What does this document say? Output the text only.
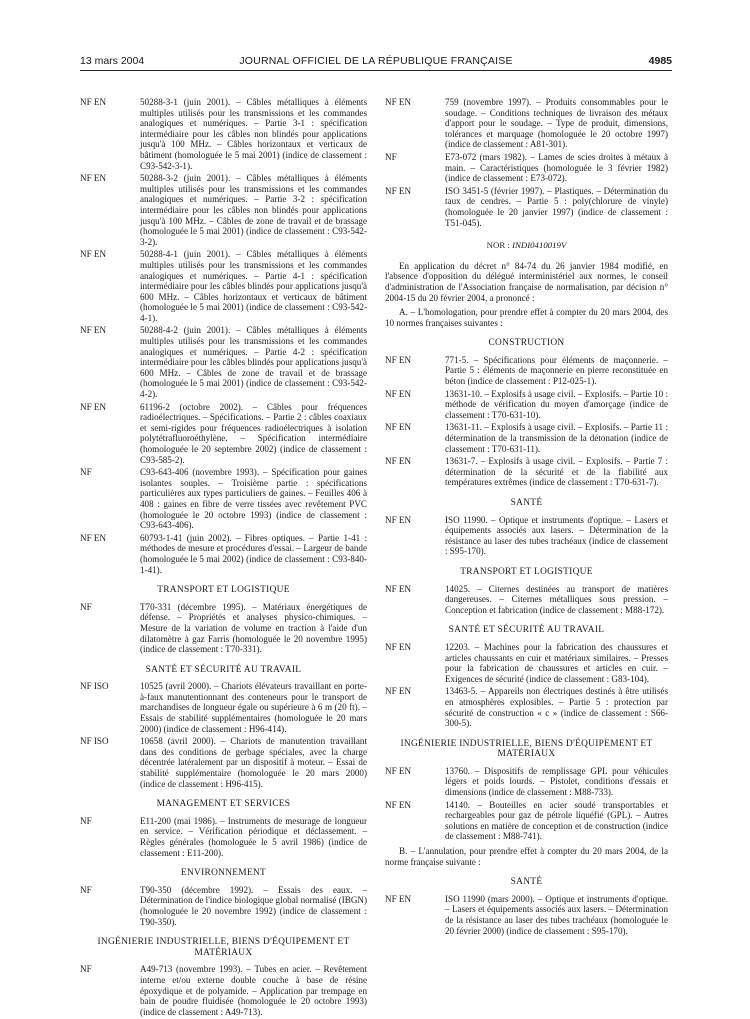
13 mars 2004	JOURNAL OFFICIEL DE LA RÉPUBLIQUE FRANÇAISE	4985
NF EN	50288-3-1 (juin 2001). – Câbles métalliques à éléments multiples utilisés pour les transmissions et les commandes analogiques et numériques. – Partie 3-1 : spécification intermédiaire pour les câbles non blindés pour applications jusqu'à 100 MHz. – Câbles horizontaux et verticaux de bâtiment (homologuée le 5 mai 2001) (indice de classement : C93-542-3-1).
NF EN	50288-3-2 (juin 2001). – Câbles métalliques à éléments multiples utilisés pour les transmissions et les commandes analogiques et numériques. – Partie 3-2 : spécification intermédiaire pour les câbles non blindés pour applications jusqu'à 100 MHz. – Câbles de zone de travail et de brassage (homologuée le 5 mai 2001) (indice de classement : C93-542-3-2).
NF EN	50288-4-1 (juin 2001). – Câbles métalliques à éléments multiples utilisés pour les transmissions et les commandes analogiques et numériques. – Partie 4-1 : spécification intermédiaire pour les câbles blindés pour applications jusqu'à 600 MHz. – Câbles horizontaux et verticaux de bâtiment (homologuée le 5 mai 2001) (indice de classement : C93-542-4-1).
NF EN	50288-4-2 (juin 2001). – Câbles métalliques à éléments multiples utilisés pour les transmissions et les commandes analogiques et numériques. – Partie 4-2 : spécification intermédiaire pour les câbles blindés pour applications jusqu'à 600 MHz. – Câbles de zone de travail et de brassage (homologuée le 5 mai 2001) (indice de classement : C93-542-4-2).
NF EN	61196-2 (octobre 2002). – Câbles pour fréquences radioélectriques. – Spécifications. – Partie 2 : câbles coaxiaux et semi-rigides pour fréquences radioélectriques à isolation polytétrafluoroéthylène. – Spécification intermédiaire (homologuée le 20 septembre 2002) (indice de classement : C93-585-2).
NF	C93-643-406 (novembre 1993). – Spécification pour gaines isolantes souples. – Troisième partie : spécifications particulières aux types particuliers de gaines. – Feuilles 406 à 408 : gaines en fibre de verre tissées avec revêtement PVC (homologuée le 20 octobre 1993) (indice de classement : C93-643-406).
NF EN	60793-1-41 (juin 2002). – Fibres optiques. – Partie 1-41 : méthodes de mesure et procédures d'essai. – Largeur de bande (homologuée le 5 mai 2002) (indice de classement : C93-840-1-41).
TRANSPORT ET LOGISTIQUE
NF	T70-331 (décembre 1995). – Matériaux énergétiques de défense. – Propriétés et analyses physico-chimiques. – Mesure de la variation de volume en traction à l'aide d'un dilatomètre à gaz Farris (homologuée le 20 novembre 1995) (indice de classement : T70-331).
SANTÉ ET SÉCURITÉ AU TRAVAIL
NF ISO	10525 (avril 2000). – Chariots élévateurs travaillant en porte-à-faux manutentionnant des conteneurs pour le transport de marchandises de longueur égale ou supérieure à 6 m (20 ft). – Essais de stabilité supplémentaires (homologuée le 20 mars 2000) (indice de classement : H96-414).
NF ISO	10658 (avril 2000). – Chariots de manutention travaillant dans des conditions de gerbage spéciales, avec la charge décentrée latéralement par un dispositif à moteur. – Essai de stabilité supplémentaire (homologuée le 20 mars 2000) (indice de classement : H96-415).
MANAGEMENT ET SERVICES
NF	E11-200 (mai 1986). – Instruments de mesurage de longueur en service. – Vérification périodique et déclassement. – Règles générales (homologuée le 5 avril 1986) (indice de classement : E11-200).
ENVIRONNEMENT
NF	T90-350 (décembre 1992). – Essais des eaux. – Détermination de l'indice biologique global normalisé (IBGN) (homologuée le 20 novembre 1992) (indice de classement : T90-350).
INGÉNIERIE INDUSTRIELLE, BIENS D'ÉQUIPEMENT ET MATÉRIAUX
NF	A49-713 (novembre 1993). – Tubes en acier. – Revêtement interne et/ou externe double couche à base de résine époxydique et de polyamide. – Application par trempage en bain de poudre fluidisée (homologuée le 20 octobre 1993) (indice de classement : A49-713).
NF EN	759 (novembre 1997). – Produits consommables pour le soudage. – Conditions techniques de livraison des métaux d'apport pour le soudage. – Type de produit, dimensions, tolérances et marquage (homologuée le 20 octobre 1997) (indice de classement : A81-301).
NF	E73-072 (mars 1982). – Lames de scies droites à métaux à main. – Caractéristiques (homologuée le 3 février 1982) (indice de classement : E73-072).
NF EN	ISO 3451-5 (février 1997). – Plastiques. – Détermination du taux de cendres. – Partie 5 : poly(chlorure de vinyle) (homologuée le 20 janvier 1997) (indice de classement : T51-045).
NOR : INDI0410019V
En application du décret n° 84-74 du 26 janvier 1984 modifié, en l'absence d'opposition du délégué interministériel aux normes, le conseil d'administration de l'Association française de normalisation, par décision n° 2004-15 du 20 février 2004, a prononcé :
A. – L'homologation, pour prendre effet à compter du 20 mars 2004, des 10 normes françaises suivantes :
CONSTRUCTION
NF EN	771-5. – Spécifications pour éléments de maçonnerie. – Partie 5 : éléments de maçonnerie en pierre reconstituée en béton (indice de classement : P12-025-1).
NF EN	13631-10. – Explosifs à usage civil. – Explosifs. – Partie 10 : méthode de vérification du moyen d'amorçage (indice de classement : T70-631-10).
NF EN	13631-11. – Explosifs à usage civil. – Explosifs. – Partie 11 : détermination de la transmission de la détonation (indice de classement : T70-631-11).
NF EN	13631-7. – Explosifs à usage civil. – Explosifs. – Partie 7 : détermination de la sécurité et de la fiabilité aux températures extrêmes (indice de classement : T70-631-7).
SANTÉ
NF EN	ISO 11990. – Optique et instruments d'optique. – Lasers et équipements associés aux lasers. – Détermination de la résistance au laser des tubes trachéaux (indice de classement : S95-170).
TRANSPORT ET LOGISTIQUE
NF EN	14025. – Citernes destinées au transport de matières dangereuses. – Citernes métalliques sous pression. – Conception et fabrication (indice de classement : M88-172).
SANTÉ ET SÉCURITÉ AU TRAVAIL
NF EN	12203. – Machines pour la fabrication des chaussures et articles chaussants en cuir et matériaux similaires. – Presses pour la fabrication de chaussures et articles en cuir. – Exigences de sécurité (indice de classement : G83-104).
NF EN	13463-5. – Appareils non électriques destinés à être utilisés en atmosphères explosibles. – Partie 5 : protection par sécurité de construction « c » (indice de classement : S66-300-5).
INGÉNIERIE INDUSTRIELLE, BIENS D'ÉQUIPEMENT ET MATÉRIAUX
NF EN	13760. – Dispositifs de remplissage GPL pour véhicules légers et poids lourds. – Pistolet, conditions d'essais et dimensions (indice de classement : M88-733).
NF EN	14140. – Bouteilles en acier soudé transportables et rechargeables pour gaz de pétrole liquéfié (GPL). – Autres solutions en matière de conception et de construction (indice de classement : M88-741).
B. – L'annulation, pour prendre effet à compter du 20 mars 2004, de la norme française suivante :
SANTÉ
NF EN	ISO 11990 (mars 2000). – Optique et instruments d'optique. – Lasers et équipements associés aux lasers. – Détermination de la résistance au laser des tubes trachéaux (homologuée le 20 février 2000) (indice de classement : S95-170).
